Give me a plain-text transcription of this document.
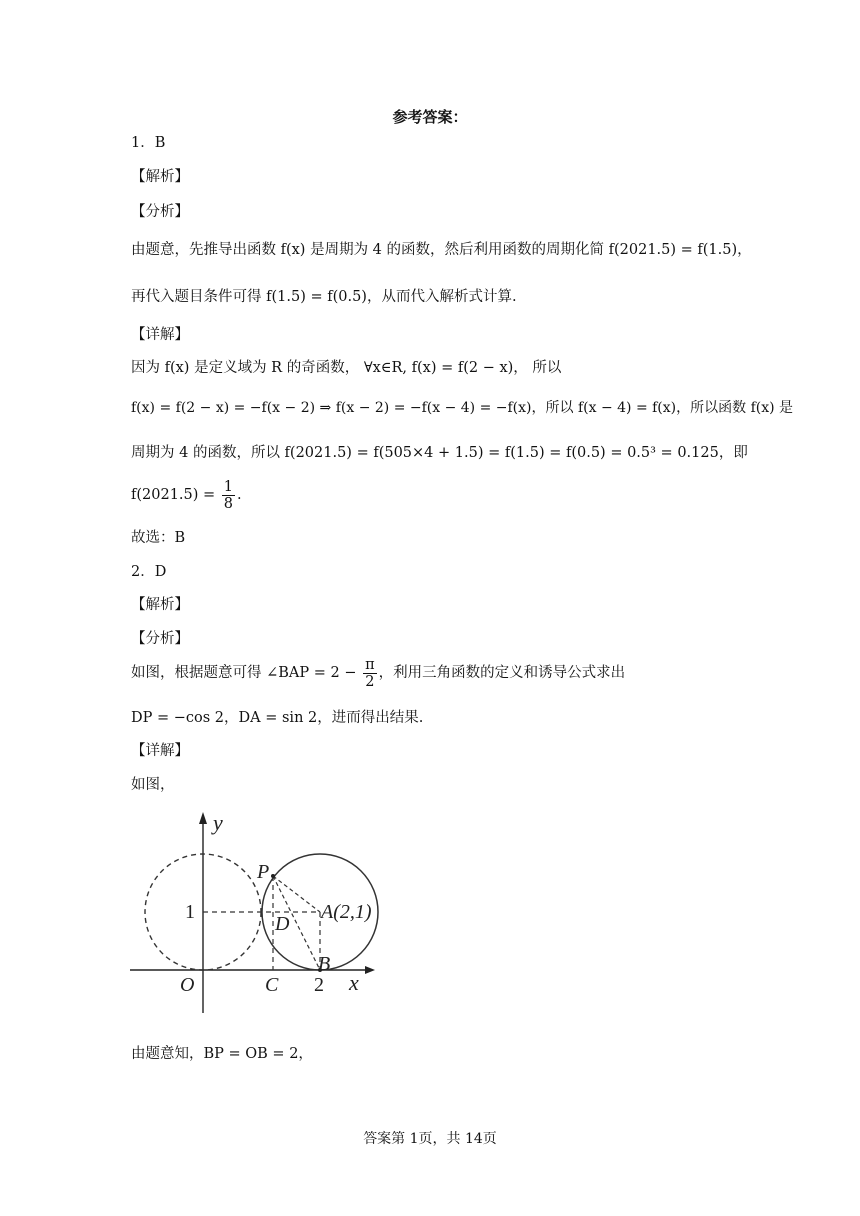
参考答案：
1．B
【解析】
【分析】
由题意，先推导出函数 f(x) 是周期为 4 的函数，然后利用函数的周期化简 f(2021.5) = f(1.5)，
再代入题目条件可得 f(1.5) = f(0.5)，从而代入解析式计算.
【详解】
因为 f(x) 是定义域为 R 的奇函数， ∀x∈R, f(x) = f(2 − x)， 所以
f(x) = f(2 − x) = −f(x − 2) ⇒ f(x − 2) = −f(x − 4) = −f(x)，所以 f(x − 4) = f(x)，所以函数 f(x) 是
周期为 4 的函数，所以 f(2021.5) = f(505×4 + 1.5) = f(1.5) = f(0.5) = 0.5³ = 0.125，即
$f(2021.5) = \frac{1}{8}$ .
故选：B
2．D
【解析】
【分析】
如图，根据题意可得 ∠BAP = $2 - \frac{\pi}{2}$ ，利用三角函数的定义和诱导公式求出
DP = −cos 2，DA = sin 2，进而得出结果.
【详解】
如图，
y
x
P
A(2,1)
D
B
O	C
1
2
由题意知，BP = OB = 2，
答案第 1页，共 14页
